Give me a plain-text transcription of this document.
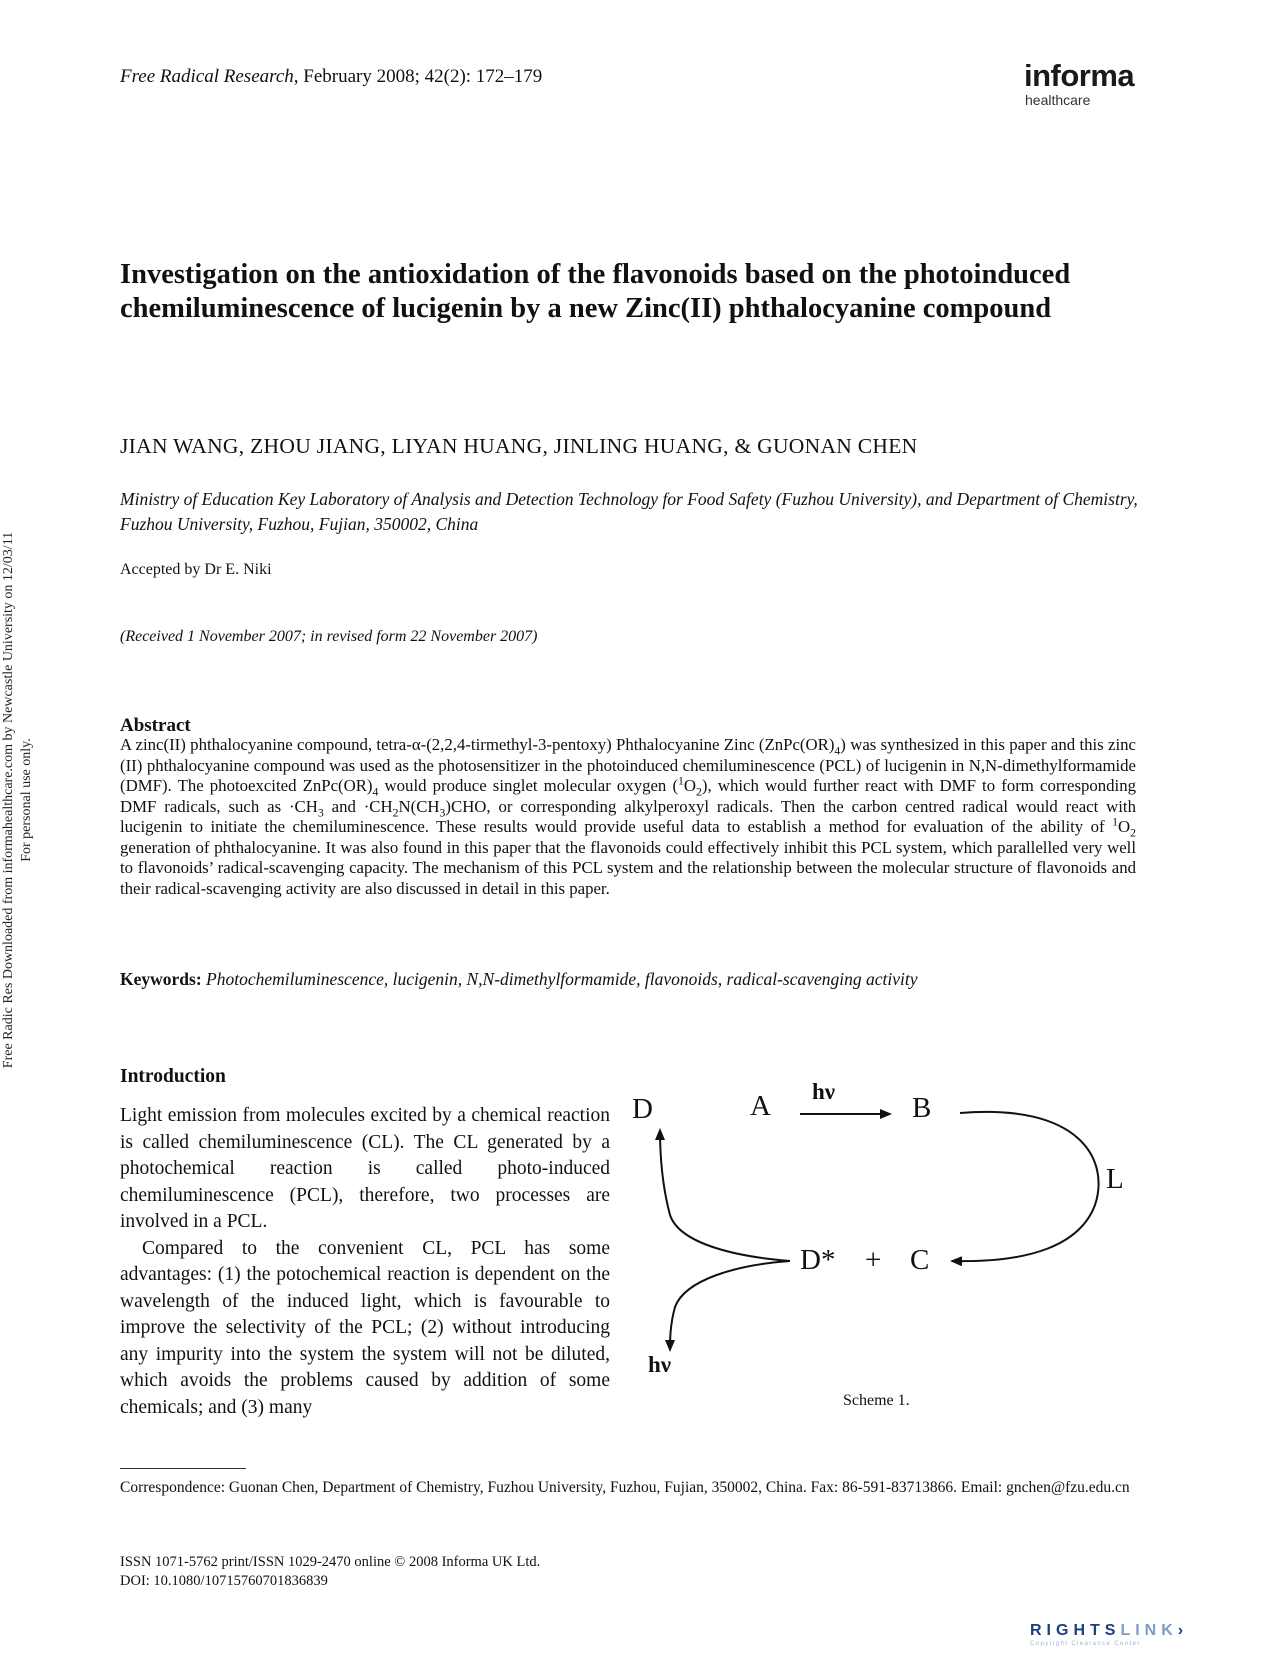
Free Radical Research, February 2008; 42(2): 172–179	informa
healthcare
Free Radic Res Downloaded from informahealthcare.com by Newcastle University on 12/03/11 For personal use only.
Investigation on the antioxidation of the flavonoids based on the photoinduced chemiluminescence of lucigenin by a new Zinc(II) phthalocyanine compound
JIAN WANG, ZHOU JIANG, LIYAN HUANG, JINLING HUANG, & GUONAN CHEN
Ministry of Education Key Laboratory of Analysis and Detection Technology for Food Safety (Fuzhou University), and Department of Chemistry, Fuzhou University, Fuzhou, Fujian, 350002, China
Accepted by Dr E. Niki
(Received 1 November 2007; in revised form 22 November 2007)
Abstract
A zinc(II) phthalocyanine compound, tetra-α-(2,2,4-tirmethyl-3-pentoxy) Phthalocyanine Zinc $(ZnPc(OR)_4)$ was synthesized in this paper and this zinc (II) phthalocyanine compound was used as the photosensitizer in the photoinduced chemiluminescence (PCL) of lucigenin in N,N-dimethylformamide (DMF). The photoexcited $ZnPc(OR)_4$ would produce singlet molecular oxygen $(^1O_2)$, which would further react with DMF to form corresponding DMF radicals, such as $\cdot CH_3$ and $\cdot CH_2N(CH_3)CHO$, or corresponding alkylperoxyl radicals. Then the carbon centred radical would react with lucigenin to initiate the chemiluminescence. These results would provide useful data to establish a method for evaluation of the ability of $^1O_2$ generation of phthalocyanine. It was also found in this paper that the flavonoids could effectively inhibit this PCL system, which parallelled very well to flavonoids’ radical-scavenging capacity. The mechanism of this PCL system and the relationship between the molecular structure of flavonoids and their radical-scavenging activity are also discussed in detail in this paper.
Keywords: Photochemiluminescence, lucigenin, N,N-dimethylformamide, flavonoids, radical-scavenging activity
Introduction

Light emission from molecules excited by a chemical reaction is called chemiluminescence (CL). The CL generated by a photochemical reaction is called photo-induced chemiluminescence (PCL), therefore, two processes are involved in a PCL.

Compared to the convenient CL, PCL has some advantages: (1) the potochemical reaction is dependent on the wavelength of the induced light, which is favourable to improve the selectivity of the PCL; (2) without introducing any impurity into the system the system will not be diluted, which avoids the problems caused by addition of some chemicals; and (3) many

D	A hν
B
L
D* + C
hν
Scheme 1.
Correspondence: Guonan Chen, Department of Chemistry, Fuzhou University, Fuzhou, Fujian, 350002, China. Fax: 86-591-83713866. Email: gnchen@fzu.edu.cn
ISSN 1071-5762 print/ISSN 1029-2470 online © 2008 Informa UK Ltd.
DOI: 10.1080/10715760701836839
RIGHTSLINK›
Copyright Clearance Center
